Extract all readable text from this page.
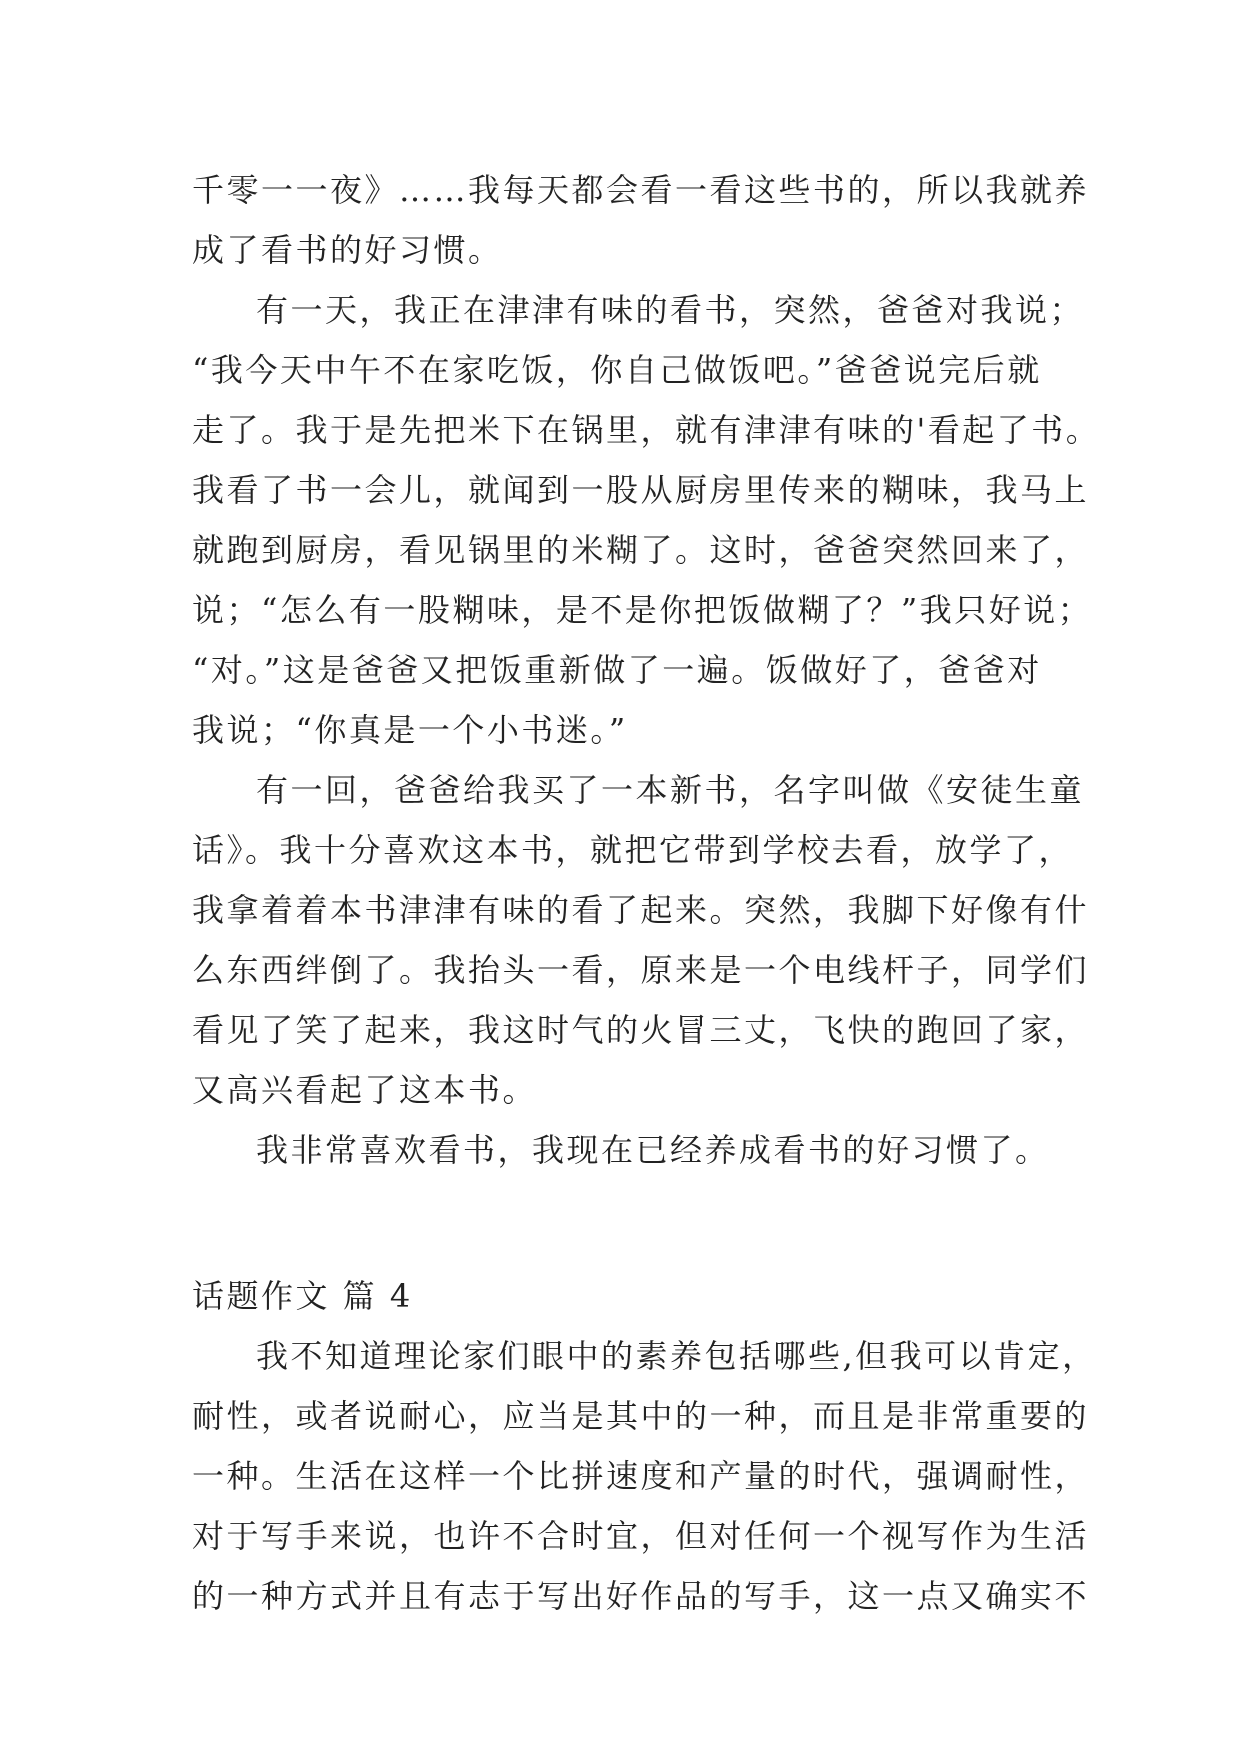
千零一一夜》……我每天都会看一看这些书的，所以我就养
成了看书的好习惯。
有一天，我正在津津有味的看书，突然，爸爸对我说；
“我今天中午不在家吃饭，你自己做饭吧。”爸爸说完后就
走了。我于是先把米下在锅里，就有津津有味的'看起了书。
我看了书一会儿，就闻到一股从厨房里传来的糊味，我马上
就跑到厨房，看见锅里的米糊了。这时，爸爸突然回来了，
说；“怎么有一股糊味，是不是你把饭做糊了？”我只好说；
“对。”这是爸爸又把饭重新做了一遍。饭做好了，爸爸对
我说；“你真是一个小书迷。”
有一回，爸爸给我买了一本新书，名字叫做《安徒生童
话》。我十分喜欢这本书，就把它带到学校去看，放学了，
我拿着着本书津津有味的看了起来。突然，我脚下好像有什
么东西绊倒了。我抬头一看，原来是一个电线杆子，同学们
看见了笑了起来，我这时气的火冒三丈，飞快的跑回了家，
又高兴看起了这本书。
我非常喜欢看书，我现在已经养成看书的好习惯了。
话题作文 篇 4
我不知道理论家们眼中的素养包括哪些,但我可以肯定，
耐性，或者说耐心，应当是其中的一种，而且是非常重要的
一种。生活在这样一个比拼速度和产量的时代，强调耐性，
对于写手来说，也许不合时宜，但对任何一个视写作为生活
的一种方式并且有志于写出好作品的写手，这一点又确实不
